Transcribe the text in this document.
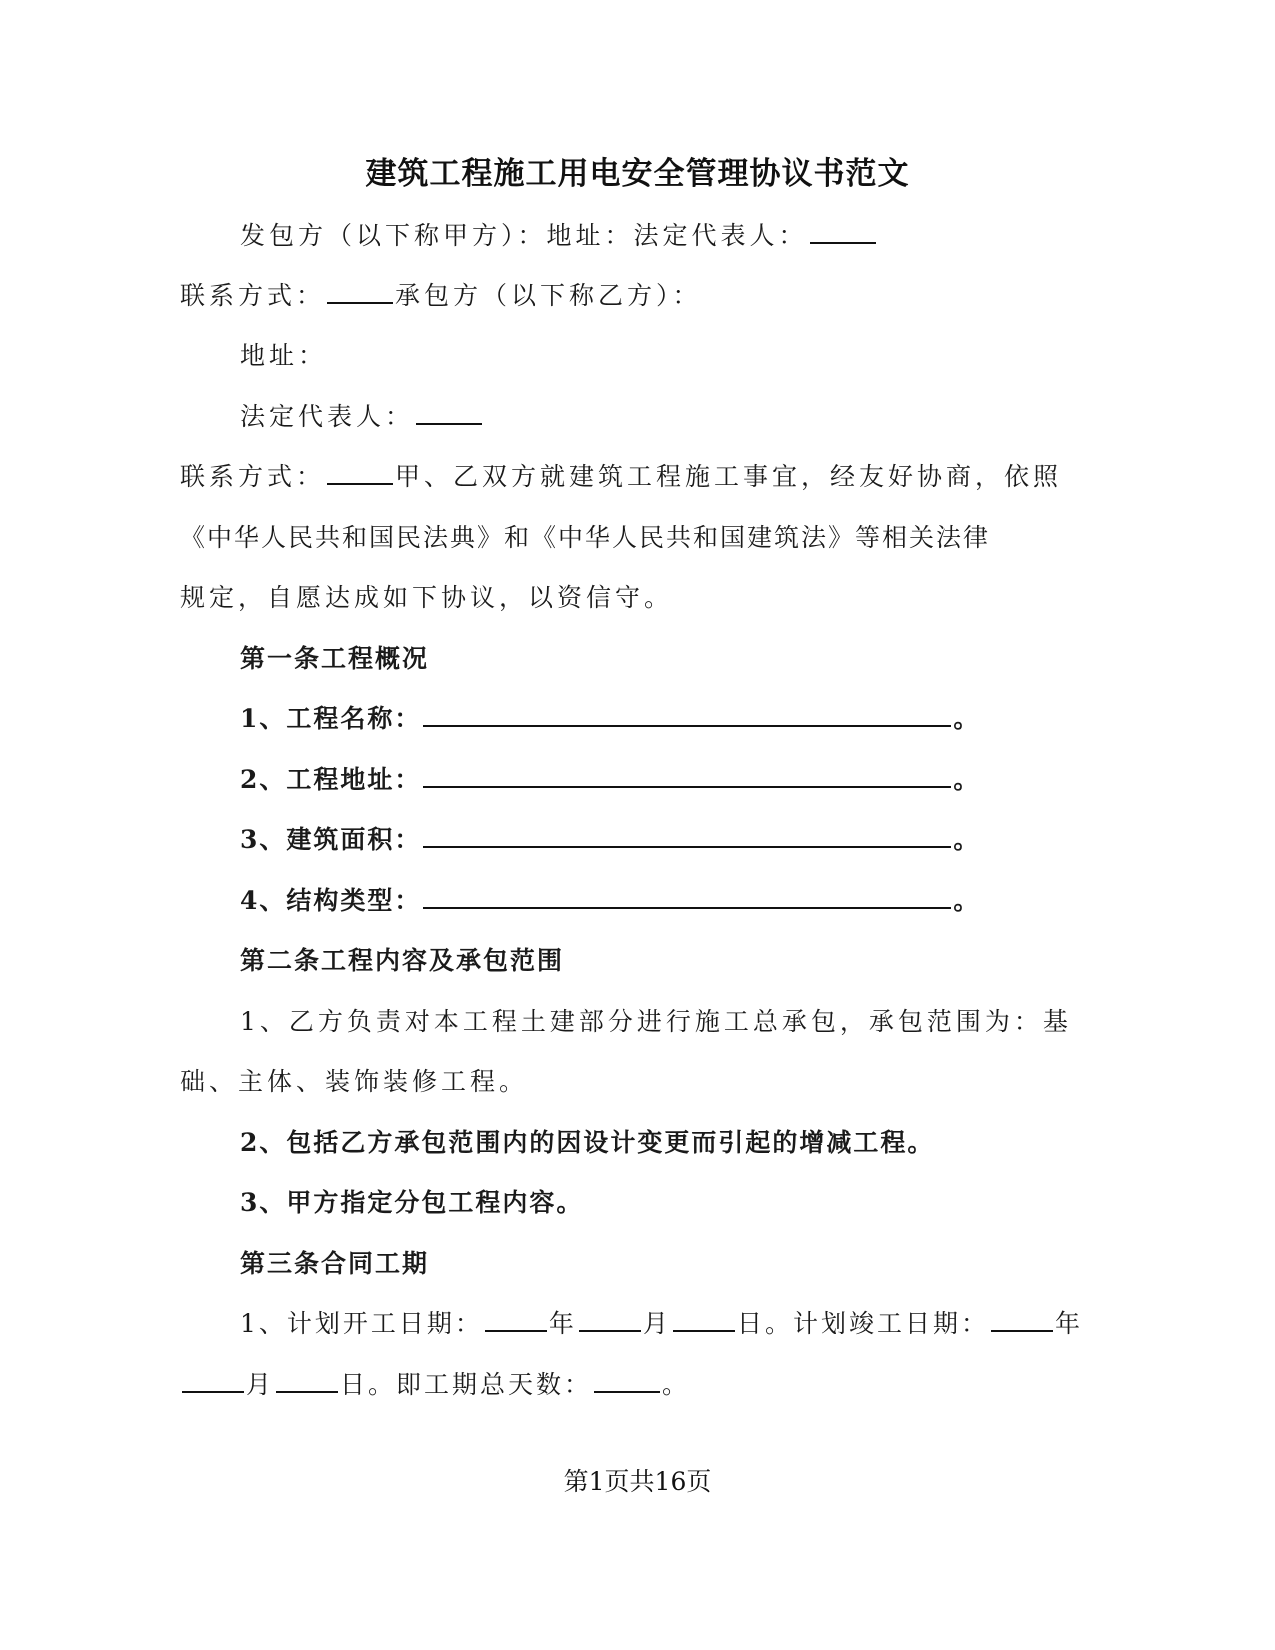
建筑工程施工用电安全管理协议书范文
发包方（以下称甲方）：地址：法定代表人：
联系方式：	承包方（以下称乙方）：
地址：
法定代表人：
联系方式：	甲、乙双方就建筑工程施工事宜，经友好协商，依照
《中华人民共和国民法典》和《中华人民共和国建筑法》等相关法律
规定，自愿达成如下协议，以资信守。
第一条工程概况
1、工程名称：	。
2、工程地址：	。
3、建筑面积：	。
4、结构类型：	。
第二条工程内容及承包范围
1、乙方负责对本工程土建部分进行施工总承包，承包范围为：基
础、主体、装饰装修工程。
2、包括乙方承包范围内的因设计变更而引起的增减工程。
3、甲方指定分包工程内容。
第三条合同工期
1、计划开工日期：	年	月	日。计划竣工日期：	年
月	日。即工期总天数：	。
第1页共16页
